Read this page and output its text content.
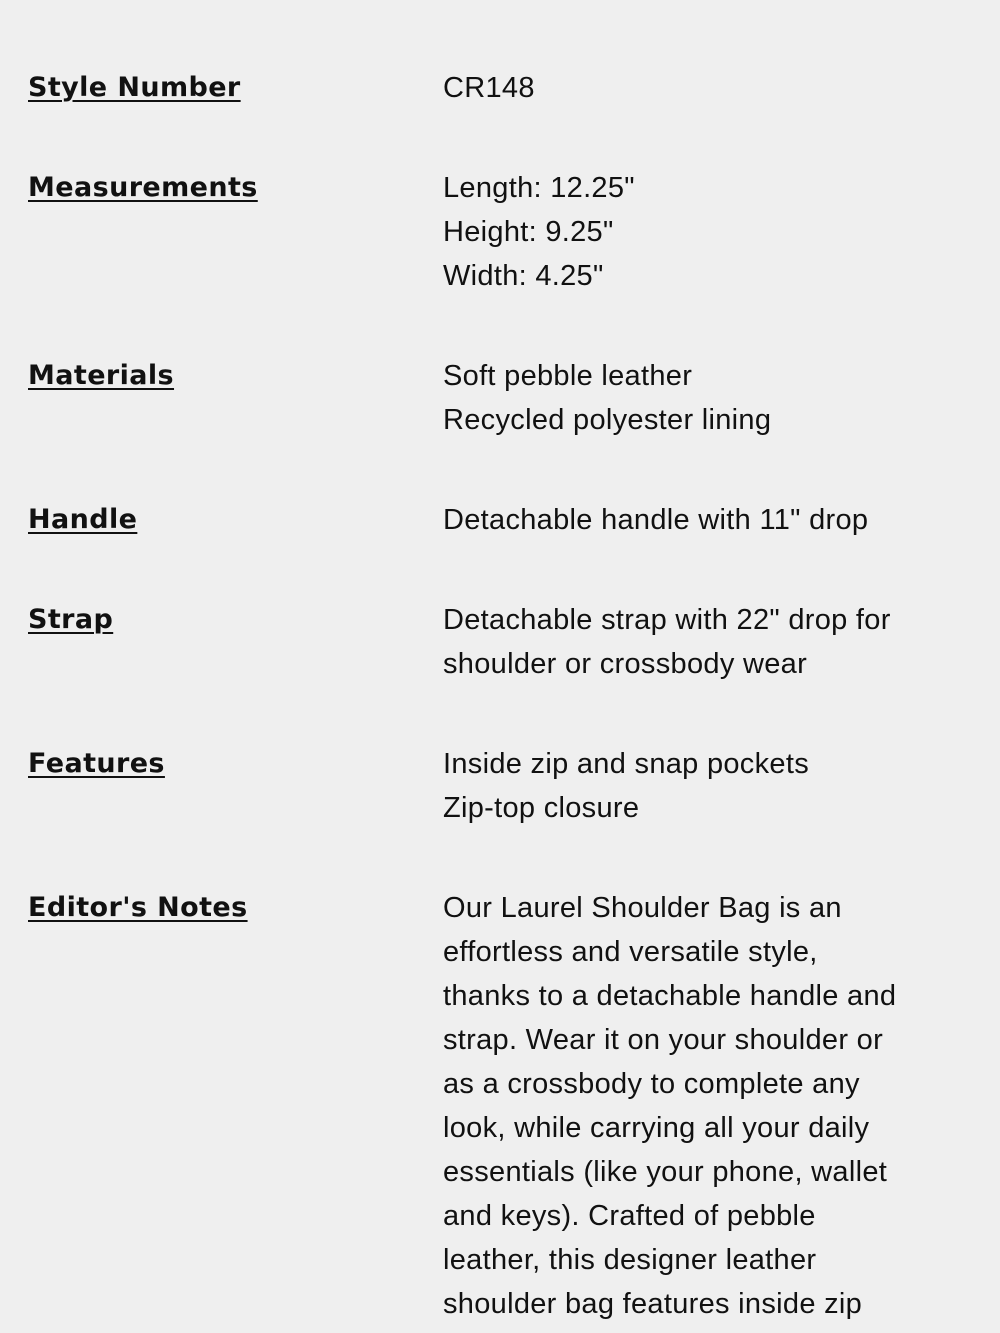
Style Number	CR148
Measurements	Length: 12.25"
Height: 9.25"
Width: 4.25"
Materials	Soft pebble leather
Recycled polyester lining
Handle	Detachable handle with 11" drop
Strap	Detachable strap with 22" drop for
shoulder or crossbody wear
Features	Inside zip and snap pockets
Zip-top closure
Editor's Notes	Our Laurel Shoulder Bag is an
effortless and versatile style,
thanks to a detachable handle and
strap. Wear it on your shoulder or
as a crossbody to complete any
look, while carrying all your daily
essentials (like your phone, wallet
and keys). Crafted of pebble
leather, this designer leather
shoulder bag features inside zip
